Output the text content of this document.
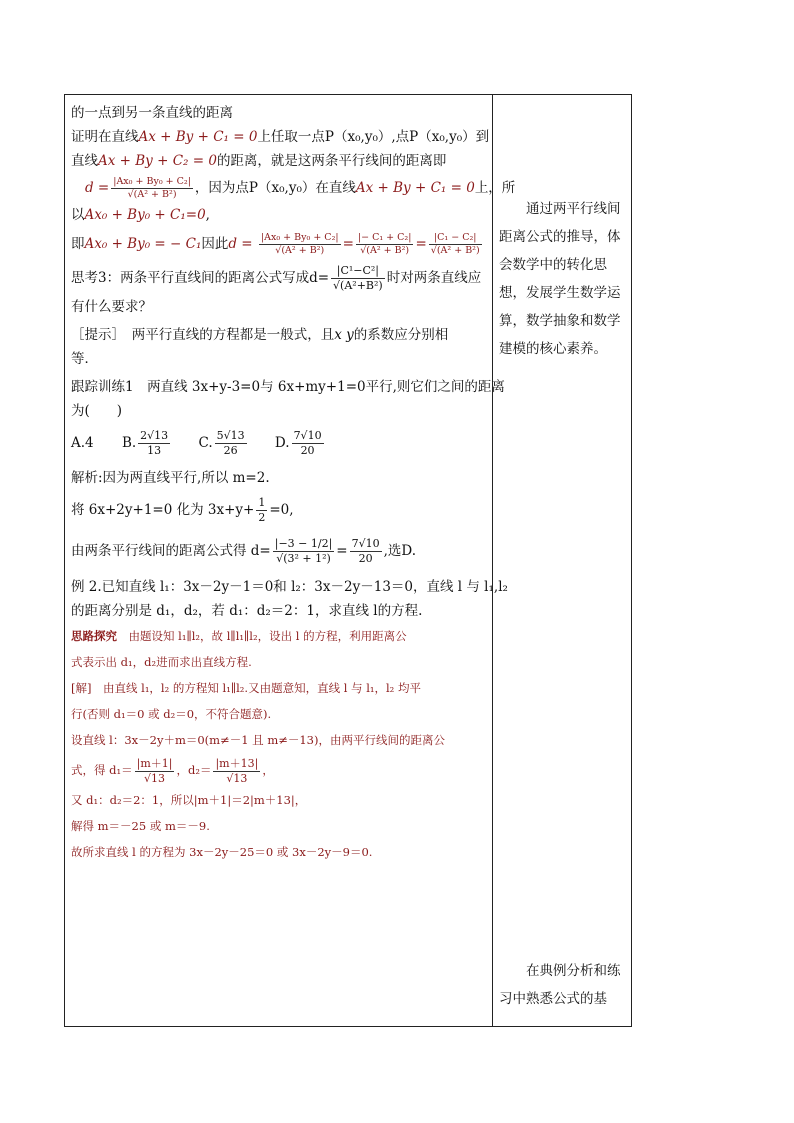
的一点到另一条直线的距离
证明在直线Ax + By + C₁ = 0上任取一点P（x₀,y₀）,点P（x₀,y₀）到
直线Ax + By + C₂ = 0的距离，就是这两条平行线间的距离即
$d = \frac{\text{|Ax₀ + By₀ + C₂|}}{\text{√(A² + B²)}}$ ，因为点P（x₀,y₀）在直线Ax + By + C₁ = 0上，所
以Ax₀ + By₀ + C₁=0,
即Ax₀ + By₀ = − C₁因此$d = \frac{\text{|Ax₀ + By₀ + C₂|}}{\text{√(A² + B²)}} = \frac{\text{|− C₁ + C₂|}}{\text{√(A² + B²)}} = \frac{\text{|C₁ − C₂|}}{\text{√(A² + B²)}}$
思考3：两条平行直线间的距离公式写成$d= \frac{\text{|C¹−C²|}}{\text{√(A²+B²)}}$ 时对两条直线应
有什么要求？
［提示］　两平行直线的方程都是一般式，且x y的系数应分别相
等．
跟踪训练1　两直线 3x+y-3=0与 6x+my+1=0平行,则它们之间的距离
为(　　)
A.4 B. $\frac{2√13}{13} C$. $\frac{5√13}{26} D$. $\frac{7√10}{20}$
解析:因为两直线平行,所以 m=2.
将 6x+2y+1=0 化为 $3x+y+ \frac{1}{2} =0$,
由两条平行线间的距离公式得 $d= \frac{|-3 - 1/2|}{\text{√(3² + 1²)}} = \frac{7√10}{20}$ ,选D.
例 2.已知直线 l₁：3x－2y－1＝0和 l₂：3x－2y－13＝0，直线 l 与 l₁,l₂
的距离分别是 d₁，d₂，若 d₁：d₂＝2：1，求直线 l的方程.
思路探究　 由题设知 l₁∥l₂，故 l∥l₁∥l₂，设出 l 的方程，利用距离公
式表示出 d₁，d₂进而求出直线方程.
[解]　 由直线 l₁，l₂ 的方程知 l₁∥l₂.又由题意知，直线 l 与 l₁，l₂ 均平
行(否则 d₁＝0 或 d₂＝0，不符合题意).
设直线 l：3x－2y＋m＝0(m≠－1 且 m≠－13)，由两平行线间的距离公
式，得 $d_1= \frac{|m+1|}{√13}$ ，$d_2= \frac{|m+13|}{√13}$ ，
又 d₁：d₂＝2：1，所以|m＋1|＝2|m＋13|，
解得 m＝－25 或 m＝－9.
故所求直线 l 的方程为 3x－2y－25＝0 或 3x－2y－9＝0.
通过两平行线间
距离公式的推导，体
会数学中的转化思
想，发展学生数学运
算，数学抽象和数学
建模的核心素养。
在典例分析和练
习中熟悉公式的基
